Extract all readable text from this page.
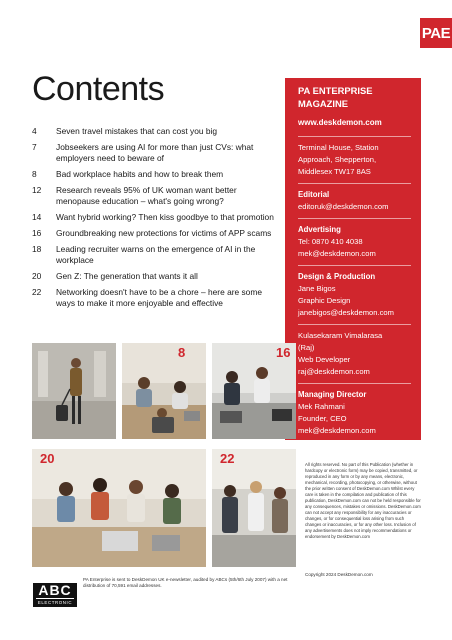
PAE
Contents
4	Seven travel mistakes that can cost you big
7	Jobseekers are using AI for more than just CVs: what employers need to beware of
8	Bad workplace habits and how to break them
12	Research reveals 95% of UK woman want better menopause education – what's going wrong?
14	Want hybrid working? Then kiss goodbye to that promotion
16	Groundbreaking new protections for victims of APP scams
18	Leading recruiter warns on the emergence of AI in the workplace
20	Gen Z: The generation that wants it all
22	Networking doesn't have to be a chore – here are some ways to make it more enjoyable and effective
PA ENTERPRISE
MAGAZINE
www.deskdemon.com
Terminal House, Station
Approach, Shepperton,
Middlesex TW17 8AS
Editorial
editoruk@deskdemon.com
Advertising
Tel: 0870 410 4038
mek@deskdemon.com
Design & Production
Jane Bigos
Graphic Design
janebigos@deskdemon.com
Kulasekaram Vimalarasa
(Raj)
Web Developer
raj@deskdemon.com
Managing Director
Mek Rahmani
Founder, CEO
mek@deskdemon.com
8	16
20	22	All rights reserved. No part of this Publication (whether in hardcopy or electronic form) may be copied, transmitted, or reproduced in any form or by any means, electronic, mechanical, recording, photocopying, or otherwise, without the prior written consent of DeskDemon.com Whilst every care is taken in the compilation and publication of this publication, DeskDemon.com can not be held responsible for any consequences, mistakes or omissions. DeskDemon.com can not accept any responsibility for any inaccuracies or changes, or for consequential loss arising from such changes or inaccuracies, or for any other loss. Inclusion of any advertisements does not imply recommendations or endorsement by DeskDemon.com
Copyright 2024 DeskDemon.com
ABC
ELECTRONIC
PA Enterprise is sent to DeskDemon UK e-newsletter, audited by ABCs (5th/6th July 2007) with a net distribution of 70,591 email addresses.
